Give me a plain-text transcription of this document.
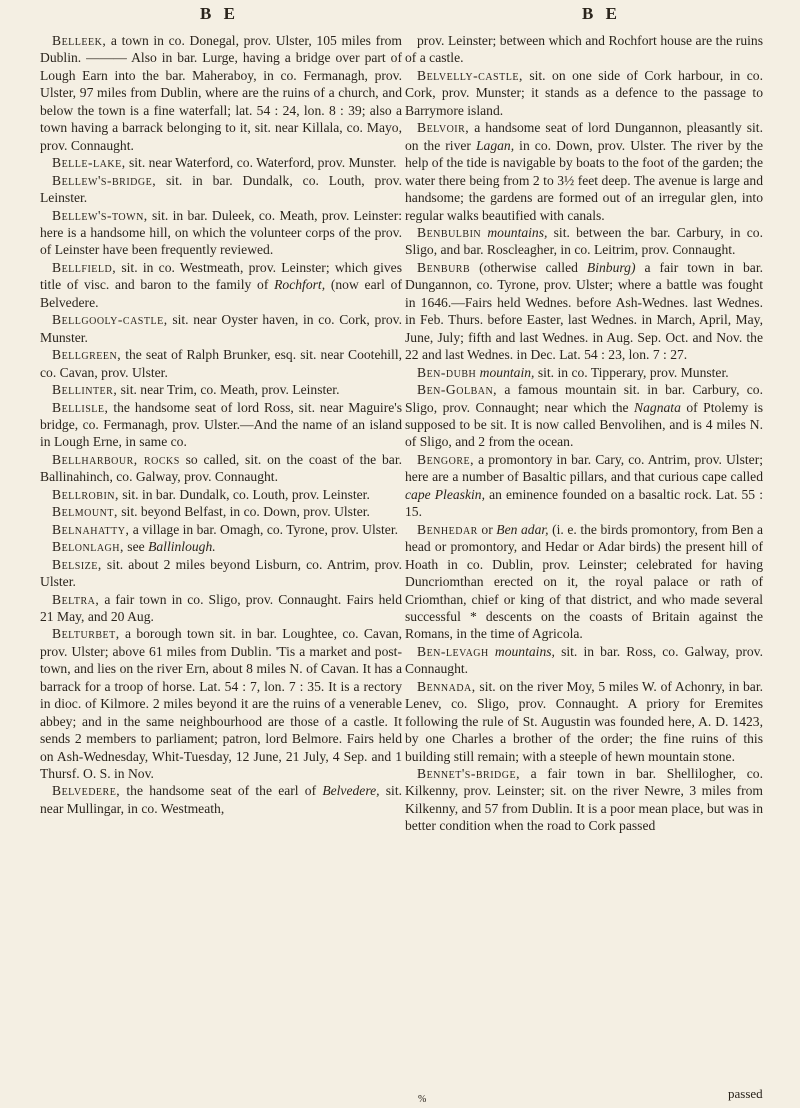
B E	B E

Belleek, a town in co. Donegal, prov. Ulster, 105 miles from Dublin. ——— Also in bar. Lurge, having a bridge over part of Lough Earn into the bar. Maheraboy, in co. Fermanagh, prov. Ulster, 97 miles from Dublin, where are the ruins of a church, and below the town is a fine waterfall; lat. 54 : 24, lon. 8 : 39; also a town having a barrack belonging to it, sit. near Killala, co. Mayo, prov. Connaught.

Belle-lake, sit. near Waterford, co. Waterford, prov. Munster.

Bellew's-bridge, sit. in bar. Dundalk, co. Louth, prov. Leinster.

Bellew's-town, sit. in bar. Duleek, co. Meath, prov. Leinster: here is a handsome hill, on which the volunteer corps of the prov. of Leinster have been frequently reviewed.

Bellfield, sit. in co. Westmeath, prov. Leinster; which gives title of visc. and baron to the family of Rochfort, (now earl of Belvedere.

Bellgooly-castle, sit. near Oyster haven, in co. Cork, prov. Munster.

Bellgreen, the seat of Ralph Brunker, esq. sit. near Cootehill, co. Cavan, prov. Ulster.

Bellinter, sit. near Trim, co. Meath, prov. Leinster.

Bellisle, the handsome seat of lord Ross, sit. near Maguire's bridge, co. Fermanagh, prov. Ulster.—And the name of an island in Lough Erne, in same co.

Bellharbour, rocks so called, sit. on the coast of the bar. Ballinahinch, co. Galway, prov. Connaught.

Bellrobin, sit. in bar. Dundalk, co. Louth, prov. Leinster.

Belmount, sit. beyond Belfast, in co. Down, prov. Ulster.

Belnahatty, a village in bar. Omagh, co. Tyrone, prov. Ulster.

Belonlagh, see Ballinlough.

Belsize, sit. about 2 miles beyond Lisburn, co. Antrim, prov. Ulster.

Beltra, a fair town in co. Sligo, prov. Connaught. Fairs held 21 May, and 20 Aug.

Belturbet, a borough town sit. in bar. Loughtee, co. Cavan, prov. Ulster; above 61 miles from Dublin. 'Tis a market and post-town, and lies on the river Ern, about 8 miles N. of Cavan. It has a barrack for a troop of horse. Lat. 54 : 7, lon. 7 : 35. It is a rectory in dioc. of Kilmore. 2 miles beyond it are the ruins of a venerable abbey; and in the same neighbourhood are those of a castle. It sends 2 members to parliament; patron, lord Belmore. Fairs held on Ash-Wednesday, Whit-Tuesday, 12 June, 21 July, 4 Sep. and 1 Thursf. O. S. in Nov.

Belvedere, the handsome seat of the earl of Belvedere, sit. near Mullingar, in co. Westmeath,

prov. Leinster; between which and Rochfort house are the ruins of a castle.

Belvelly-castle, sit. on one side of Cork harbour, in co. Cork, prov. Munster; it stands as a defence to the passage to Barrymore island.

Belvoir, a handsome seat of lord Dungannon, pleasantly sit. on the river Lagan, in co. Down, prov. Ulster. The river by the help of the tide is navigable by boats to the foot of the garden; the water there being from 2 to 3½ feet deep. The avenue is large and handsome; the gardens are formed out of an irregular glen, into regular walks beautified with canals.

Benbulbin mountains, sit. between the bar. Carbury, in co. Sligo, and bar. Roscleagher, in co. Leitrim, prov. Connaught.

Benburb (otherwise called Binburg) a fair town in bar. Dungannon, co. Tyrone, prov. Ulster; where a battle was fought in 1646.—Fairs held Wednes. before Ash-Wednes. last Wednes. in Feb. Thurs. before Easter, last Wednes. in March, April, May, June, July; fifth and last Wednes. in Aug. Sep. Oct. and Nov. the 22 and last Wednes. in Dec. Lat. 54 : 23, lon. 7 : 27.

Ben-dubh mountain, sit. in co. Tipperary, prov. Munster.

Ben-Golban, a famous mountain sit. in bar. Carbury, co. Sligo, prov. Connaught; near which the Nagnata of Ptolemy is supposed to be sit. It is now called Benvolihen, and is 4 miles N. of Sligo, and 2 from the ocean.

Bengore, a promontory in bar. Cary, co. Antrim, prov. Ulster; here are a number of Basaltic pillars, and that curious cape called cape Pleaskin, an eminence founded on a basaltic rock. Lat. 55 : 15.

Benhedar or Ben adar, (i. e. the birds promontory, from Ben a head or promontory, and Hedar or Adar birds) the present hill of Hoath in co. Dublin, prov. Leinster; celebrated for having Duncriomthan erected on it, the royal palace or rath of Criomthan, chief or king of that district, and who made several successful * descents on the coasts of Britain against the Romans, in the time of Agricola.

Ben-levagh mountains, sit. in bar. Ross, co. Galway, prov. Connaught.

Bennada, sit. on the river Moy, 5 miles W. of Achonry, in bar. Lenev, co. Sligo, prov. Connaught. A priory for Eremites following the rule of St. Augustin was founded here, A. D. 1423, by one Charles a brother of the order; the fine ruins of this building still remain; with a steeple of hewn mountain stone.

Bennet's-bridge, a fair town in bar. Shellilogher, co. Kilkenny, prov. Leinster; sit. on the river Newre, 3 miles from Kilkenny, and 57 from Dublin. It is a poor mean place, but was in better condition when the road to Cork passed

passed
%
